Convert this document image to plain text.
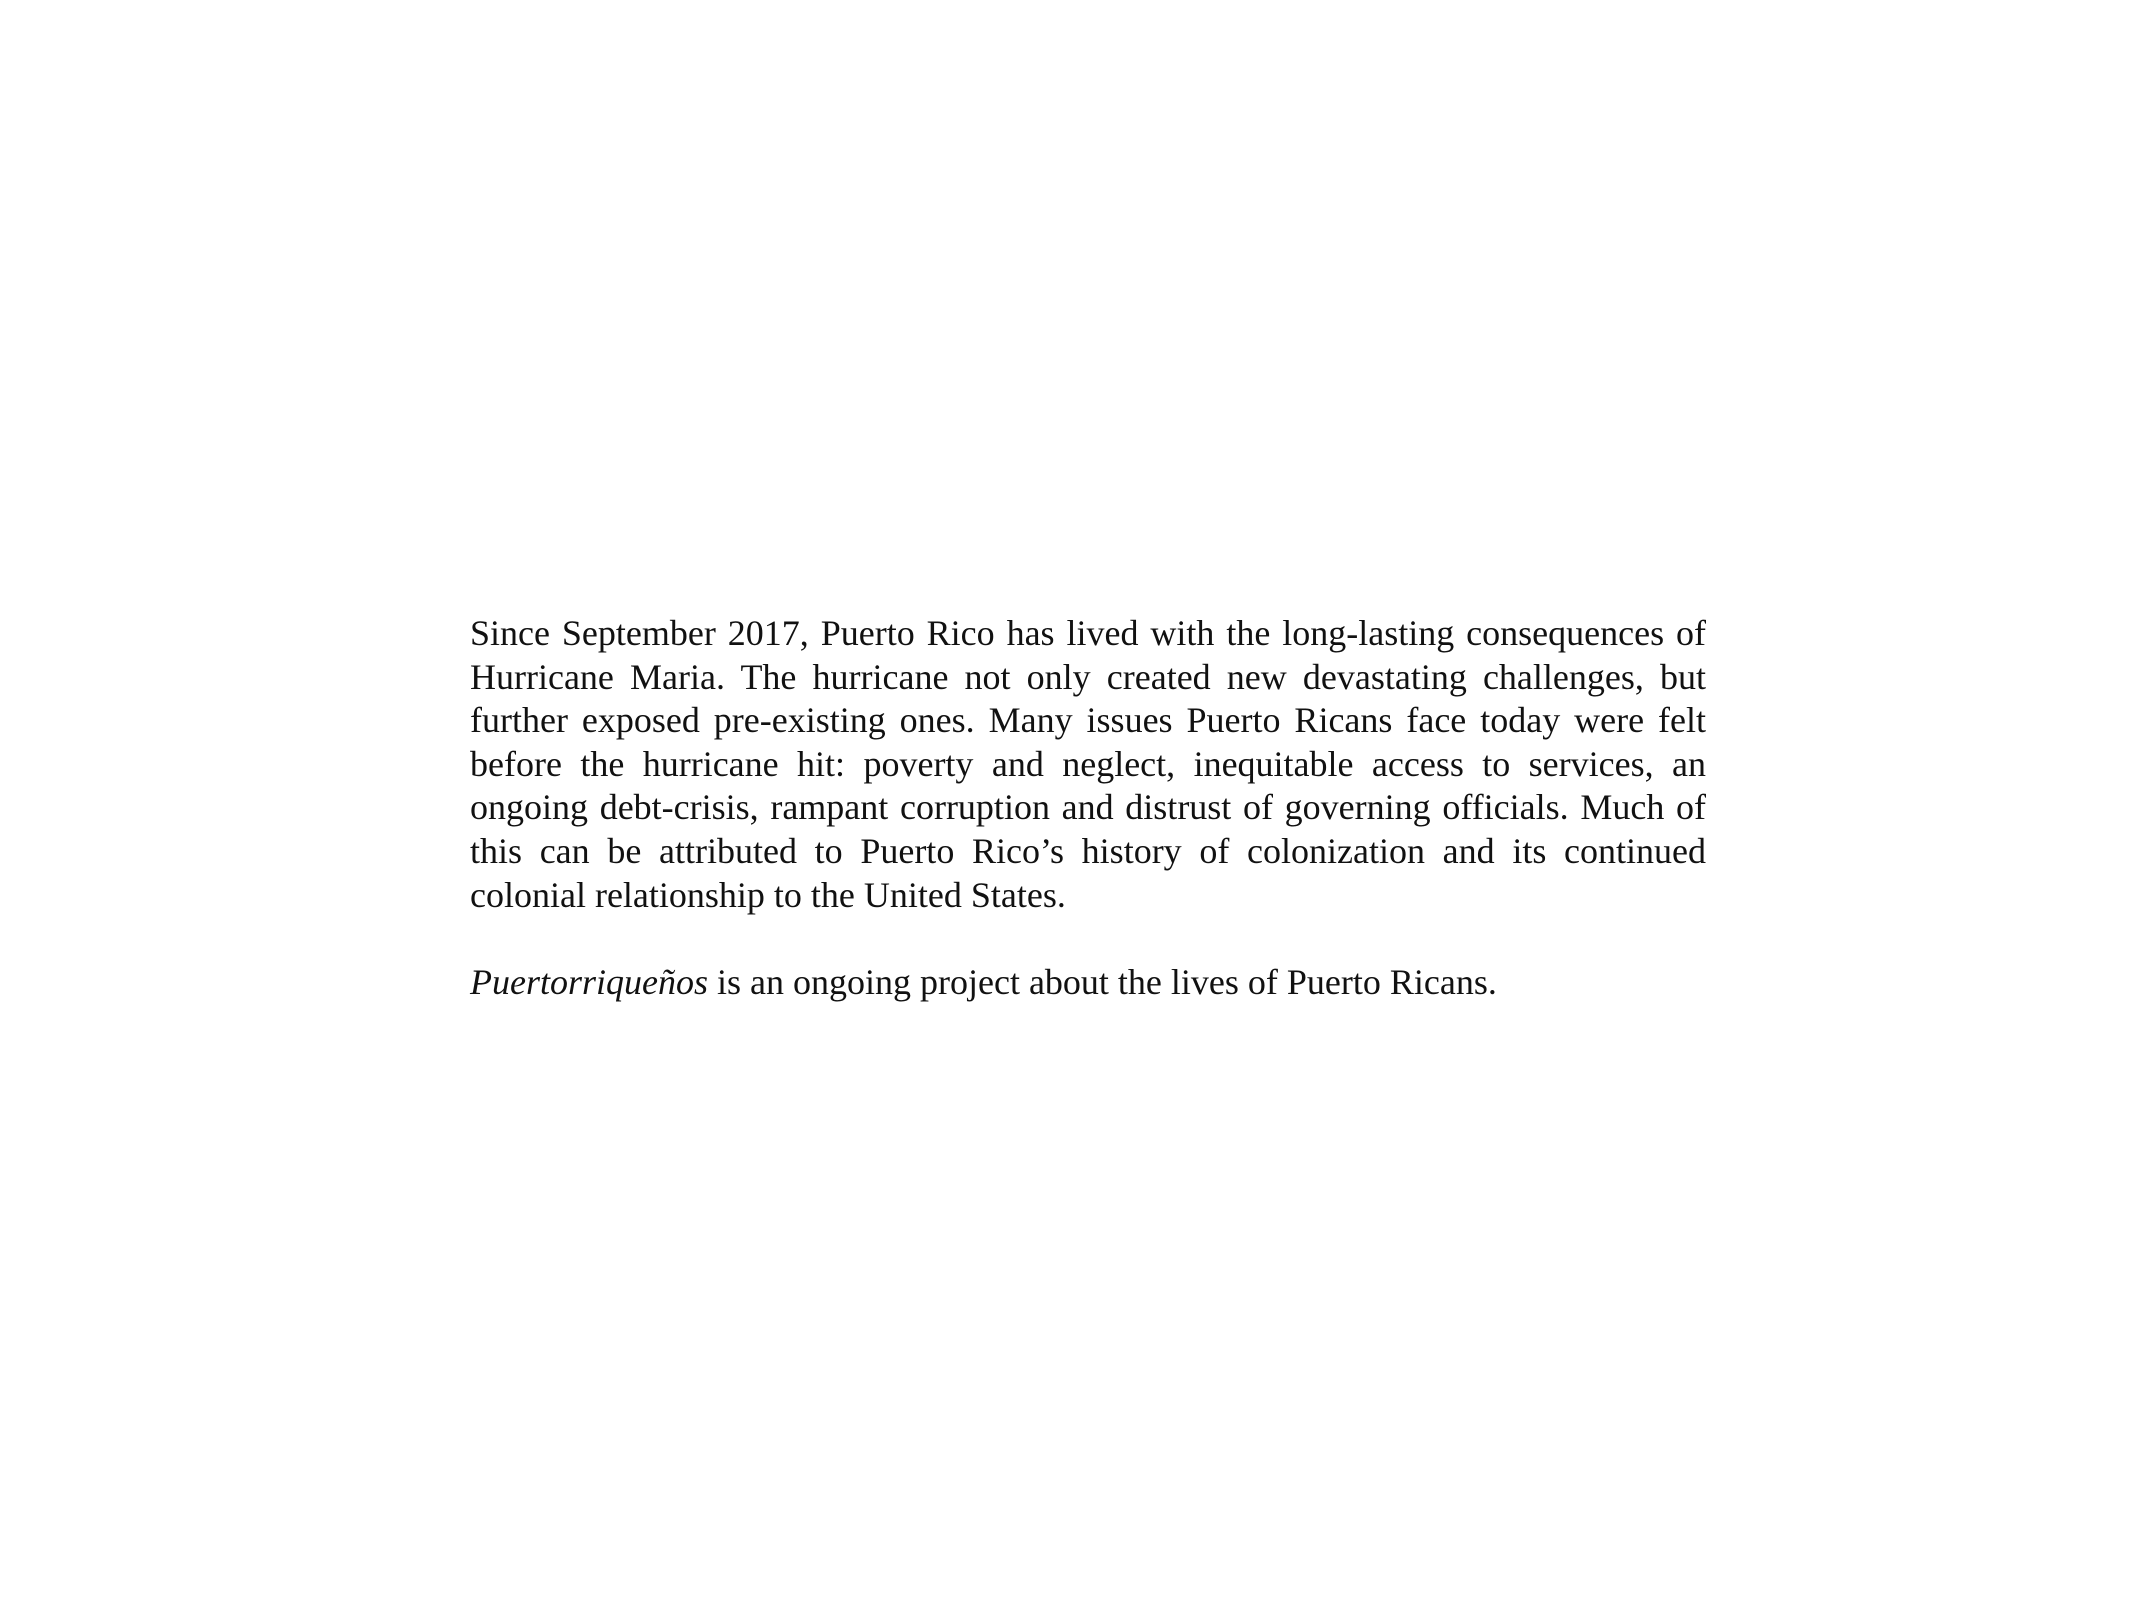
Since September 2017, Puerto Rico has lived with the long-lasting consequences of Hurricane Maria. The hurricane not only created new devastating challenges, but further exposed pre-existing ones. Many issues Puerto Ricans face today were felt before the hurricane hit: poverty and neglect, inequitable access to services, an ongoing debt-crisis, rampant corruption and distrust of governing officials. Much of this can be attributed to Puerto Rico’s history of colonization and its continued colonial relationship to the United States.

Puertorriqueños is an ongoing project about the lives of Puerto Ricans.
